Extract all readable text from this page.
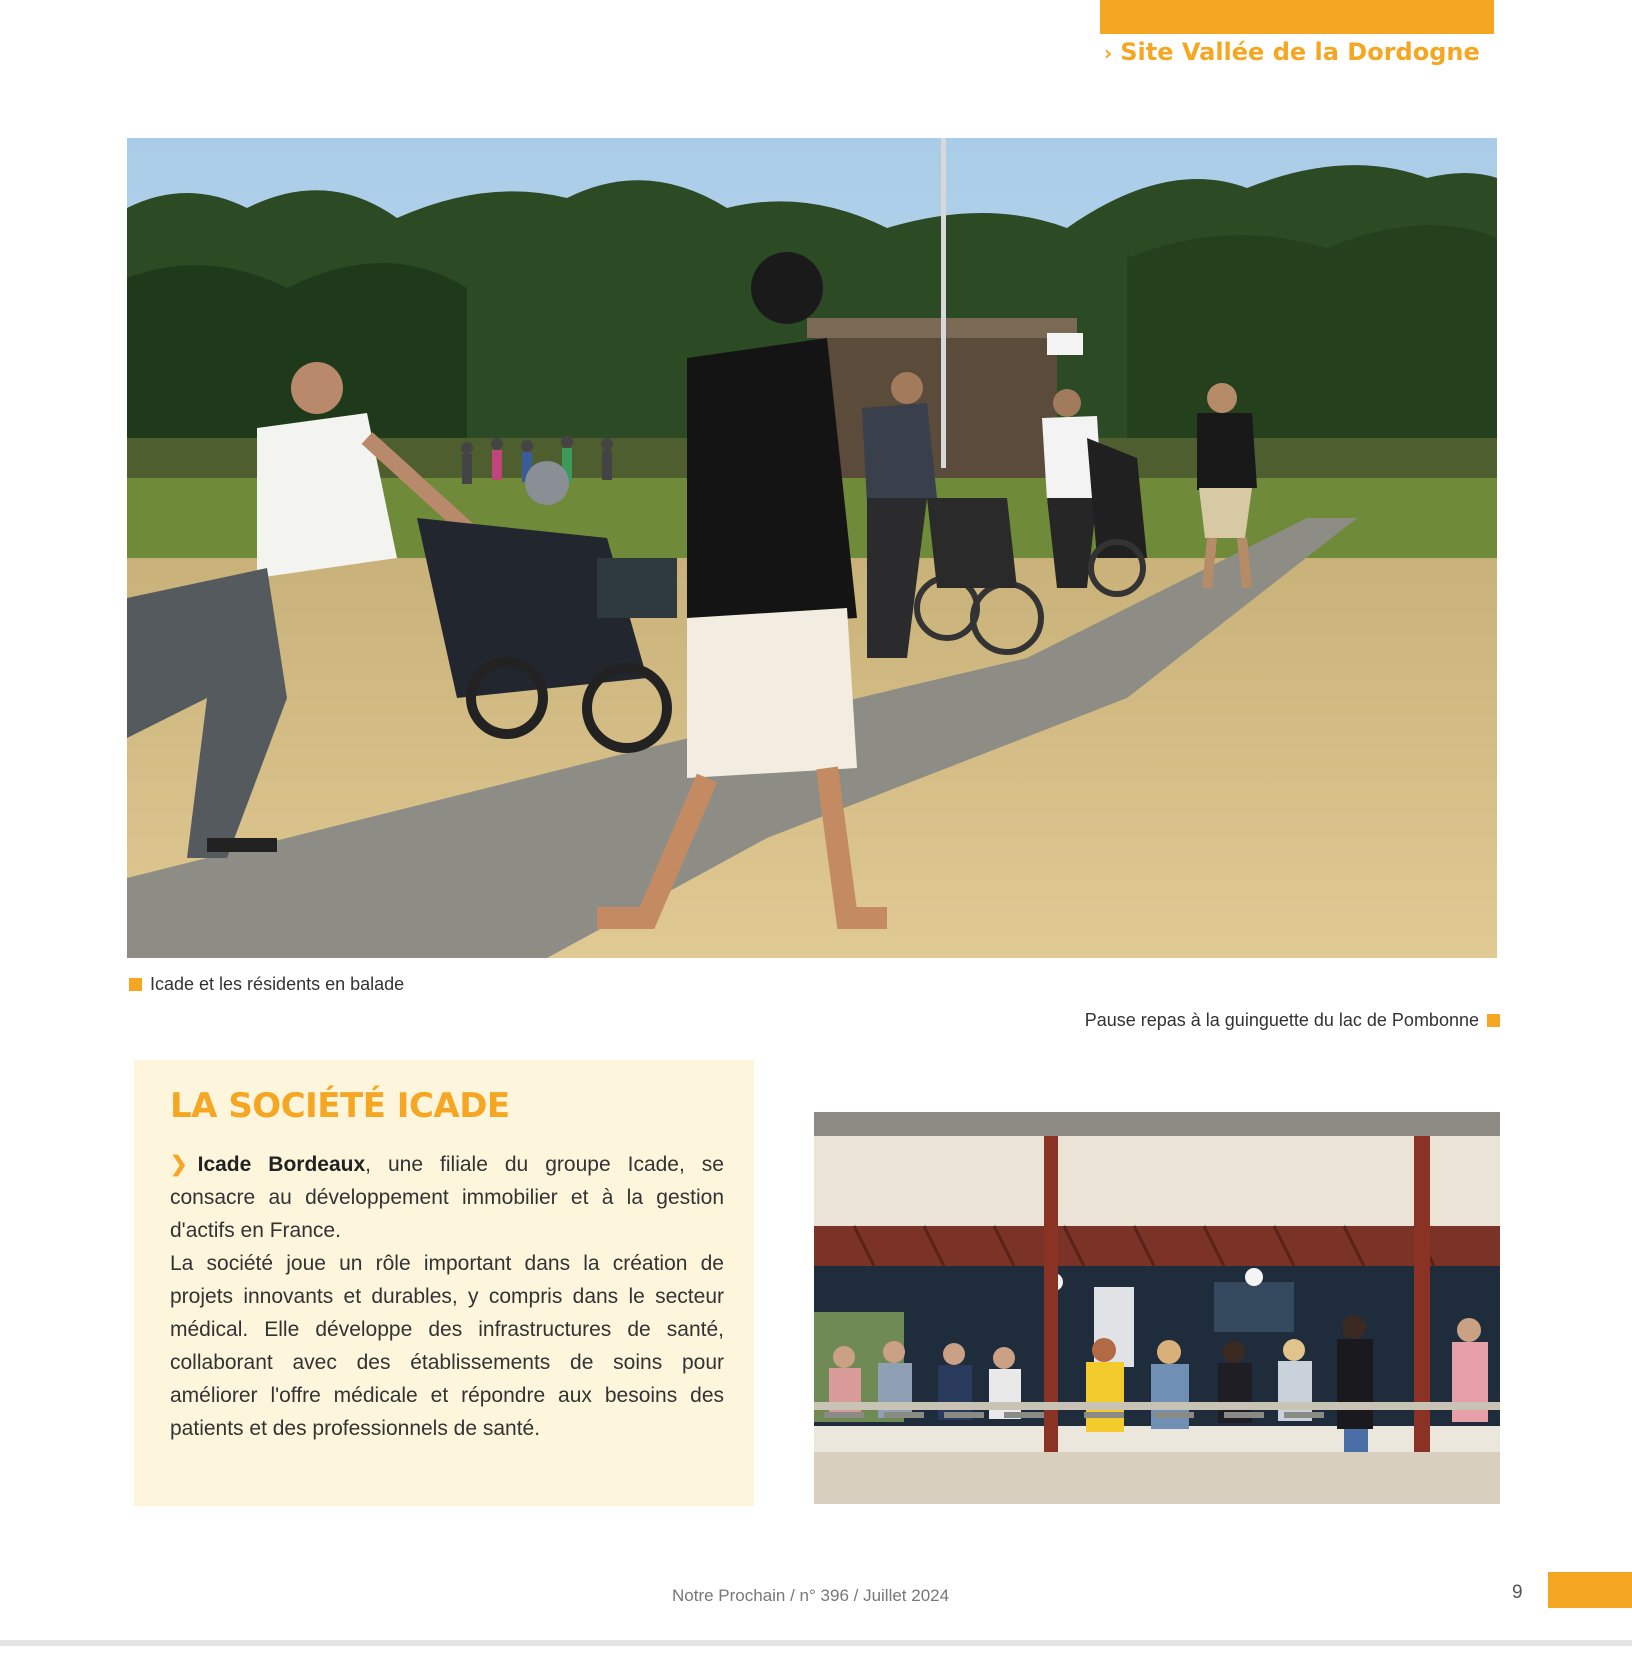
› Site Vallée de la Dordogne
Icade et les résidents en balade
Pause repas à la guinguette du lac de Pombonne
LA SOCIÉTÉ ICADE

❯ Icade Bordeaux, une filiale du groupe Icade, se consacre au développement immobilier et à la gestion d'actifs en France.

La société joue un rôle important dans la création de projets innovants et durables, y compris dans le secteur médical. Elle développe des infrastructures de santé, collaborant avec des établissements de soins pour améliorer l'offre médicale et répondre aux besoins des patients et des professionnels de santé.

Notre Prochain / n° 396 / Juillet 2024	9
